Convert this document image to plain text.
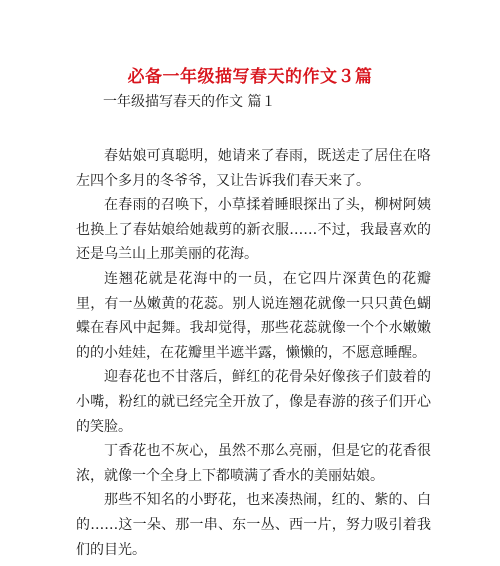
必备一年级描写春天的作文３篇
一年级描写春天的作文 篇１

春姑娘可真聪明，她请来了春雨，既送走了居住在咯左四个多月的冬爷爷，又让告诉我们春天来了。

在春雨的召唤下，小草揉着睡眼探出了头，柳树阿姨也换上了春姑娘给她裁剪的新衣服……不过，我最喜欢的还是乌兰山上那美丽的花海。

连翘花就是花海中的一员，在它四片深黄色的花瓣里，有一丛嫩黄的花蕊。别人说连翘花就像一只只黄色蝴蝶在春风中起舞。我却觉得，那些花蕊就像一个个水嫩嫩的的小娃娃，在花瓣里半遮半露，懒懒的，不愿意睡醒。

迎春花也不甘落后，鲜红的花骨朵好像孩子们鼓着的小嘴，粉红的就已经完全开放了，像是春游的孩子们开心的笑脸。

丁香花也不灰心，虽然不那么亮丽，但是它的花香很浓，就像一个全身上下都喷满了香水的美丽姑娘。

那些不知名的小野花，也来凑热闹，红的、紫的、白的……这一朵、那一串、东一丛、西一片，努力吸引着我们的目光。
